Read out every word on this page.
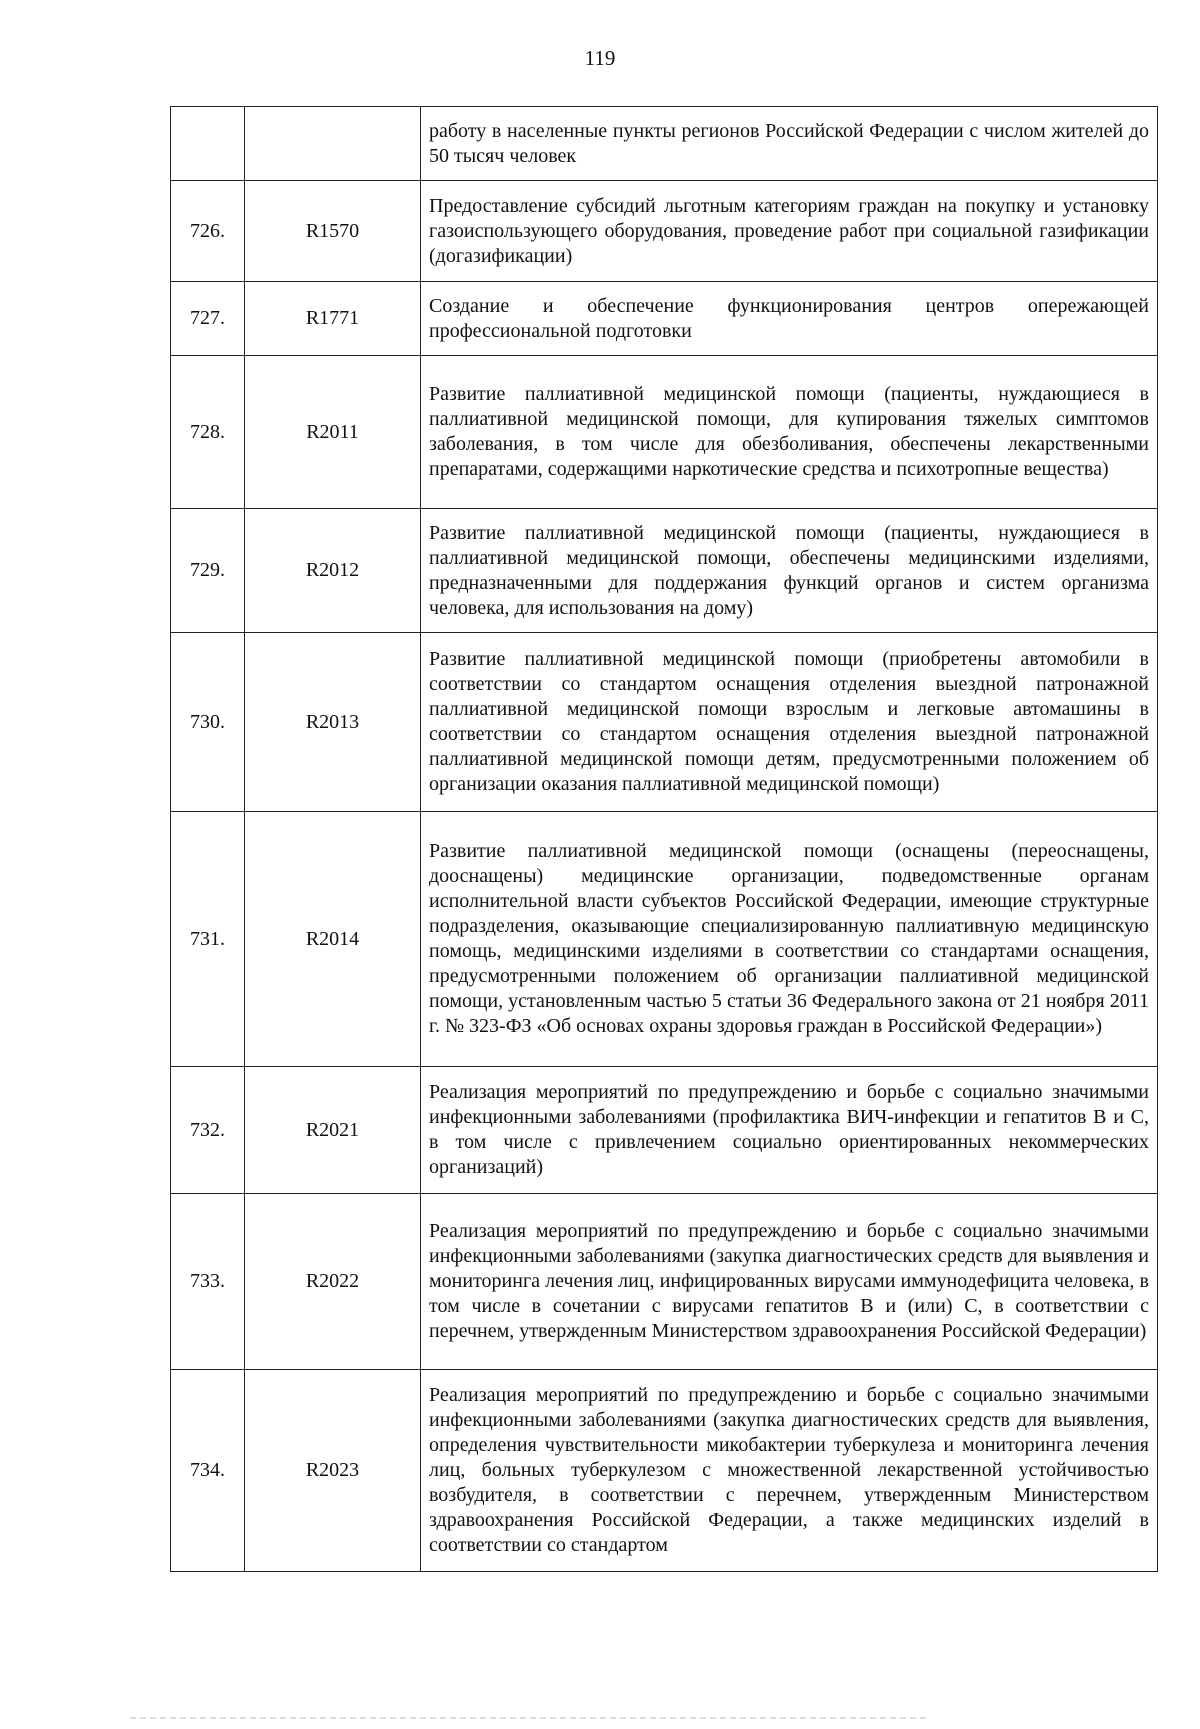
119
		работу в населенные пункты регионов Российской Федерации с числом жителей до 50 тысяч человек
726.	R1570	Предоставление субсидий льготным категориям граждан на покупку и установку газоиспользующего оборудования, проведение работ при социальной газификации (догазификации)
727.	R1771	Создание и обеспечение функционирования центров опережающей профессиональной подготовки
728.	R2011	Развитие паллиативной медицинской помощи (пациенты, нуждающиеся в паллиативной медицинской помощи, для купирования тяжелых симптомов заболевания, в том числе для обезболивания, обеспечены лекарственными препаратами, содержащими наркотические средства и психотропные вещества)
729.	R2012	Развитие паллиативной медицинской помощи (пациенты, нуждающиеся в паллиативной медицинской помощи, обеспечены медицинскими изделиями, предназначенными для поддержания функций органов и систем организма человека, для использования на дому)
730.	R2013	Развитие паллиативной медицинской помощи (приобретены автомобили в соответствии со стандартом оснащения отделения выездной патронажной паллиативной медицинской помощи взрослым и легковые автомашины в соответствии со стандартом оснащения отделения выездной патронажной паллиативной медицинской помощи детям, предусмотренными положением об организации оказания паллиативной медицинской помощи)
731.	R2014	Развитие паллиативной медицинской помощи (оснащены (переоснащены, дооснащены) медицинские организации, подведомственные органам исполнительной власти субъектов Российской Федерации, имеющие структурные подразделения, оказывающие специализированную паллиативную медицинскую помощь, медицинскими изделиями в соответствии со стандартами оснащения, предусмотренными положением об организации паллиативной медицинской помощи, установленным частью 5 статьи 36 Федерального закона от 21 ноября 2011 г. № 323-ФЗ «Об основах охраны здоровья граждан в Российской Федерации»)
732.	R2021	Реализация мероприятий по предупреждению и борьбе с социально значимыми инфекционными заболеваниями (профилактика ВИЧ-инфекции и гепатитов B и C, в том числе с привлечением социально ориентированных некоммерческих организаций)
733.	R2022	Реализация мероприятий по предупреждению и борьбе с социально значимыми инфекционными заболеваниями (закупка диагностических средств для выявления и мониторинга лечения лиц, инфицированных вирусами иммунодефицита человека, в том числе в сочетании с вирусами гепатитов B и (или) C, в соответствии с перечнем, утвержденным Министерством здравоохранения Российской Федерации)
734.	R2023	Реализация мероприятий по предупреждению и борьбе с социально значимыми инфекционными заболеваниями (закупка диагностических средств для выявления, определения чувствительности микобактерии туберкулеза и мониторинга лечения лиц, больных туберкулезом с множественной лекарственной устойчивостью возбудителя, в соответствии с перечнем, утвержденным Министерством здравоохранения Российской Федерации, а также медицинских изделий в соответствии со стандартом
